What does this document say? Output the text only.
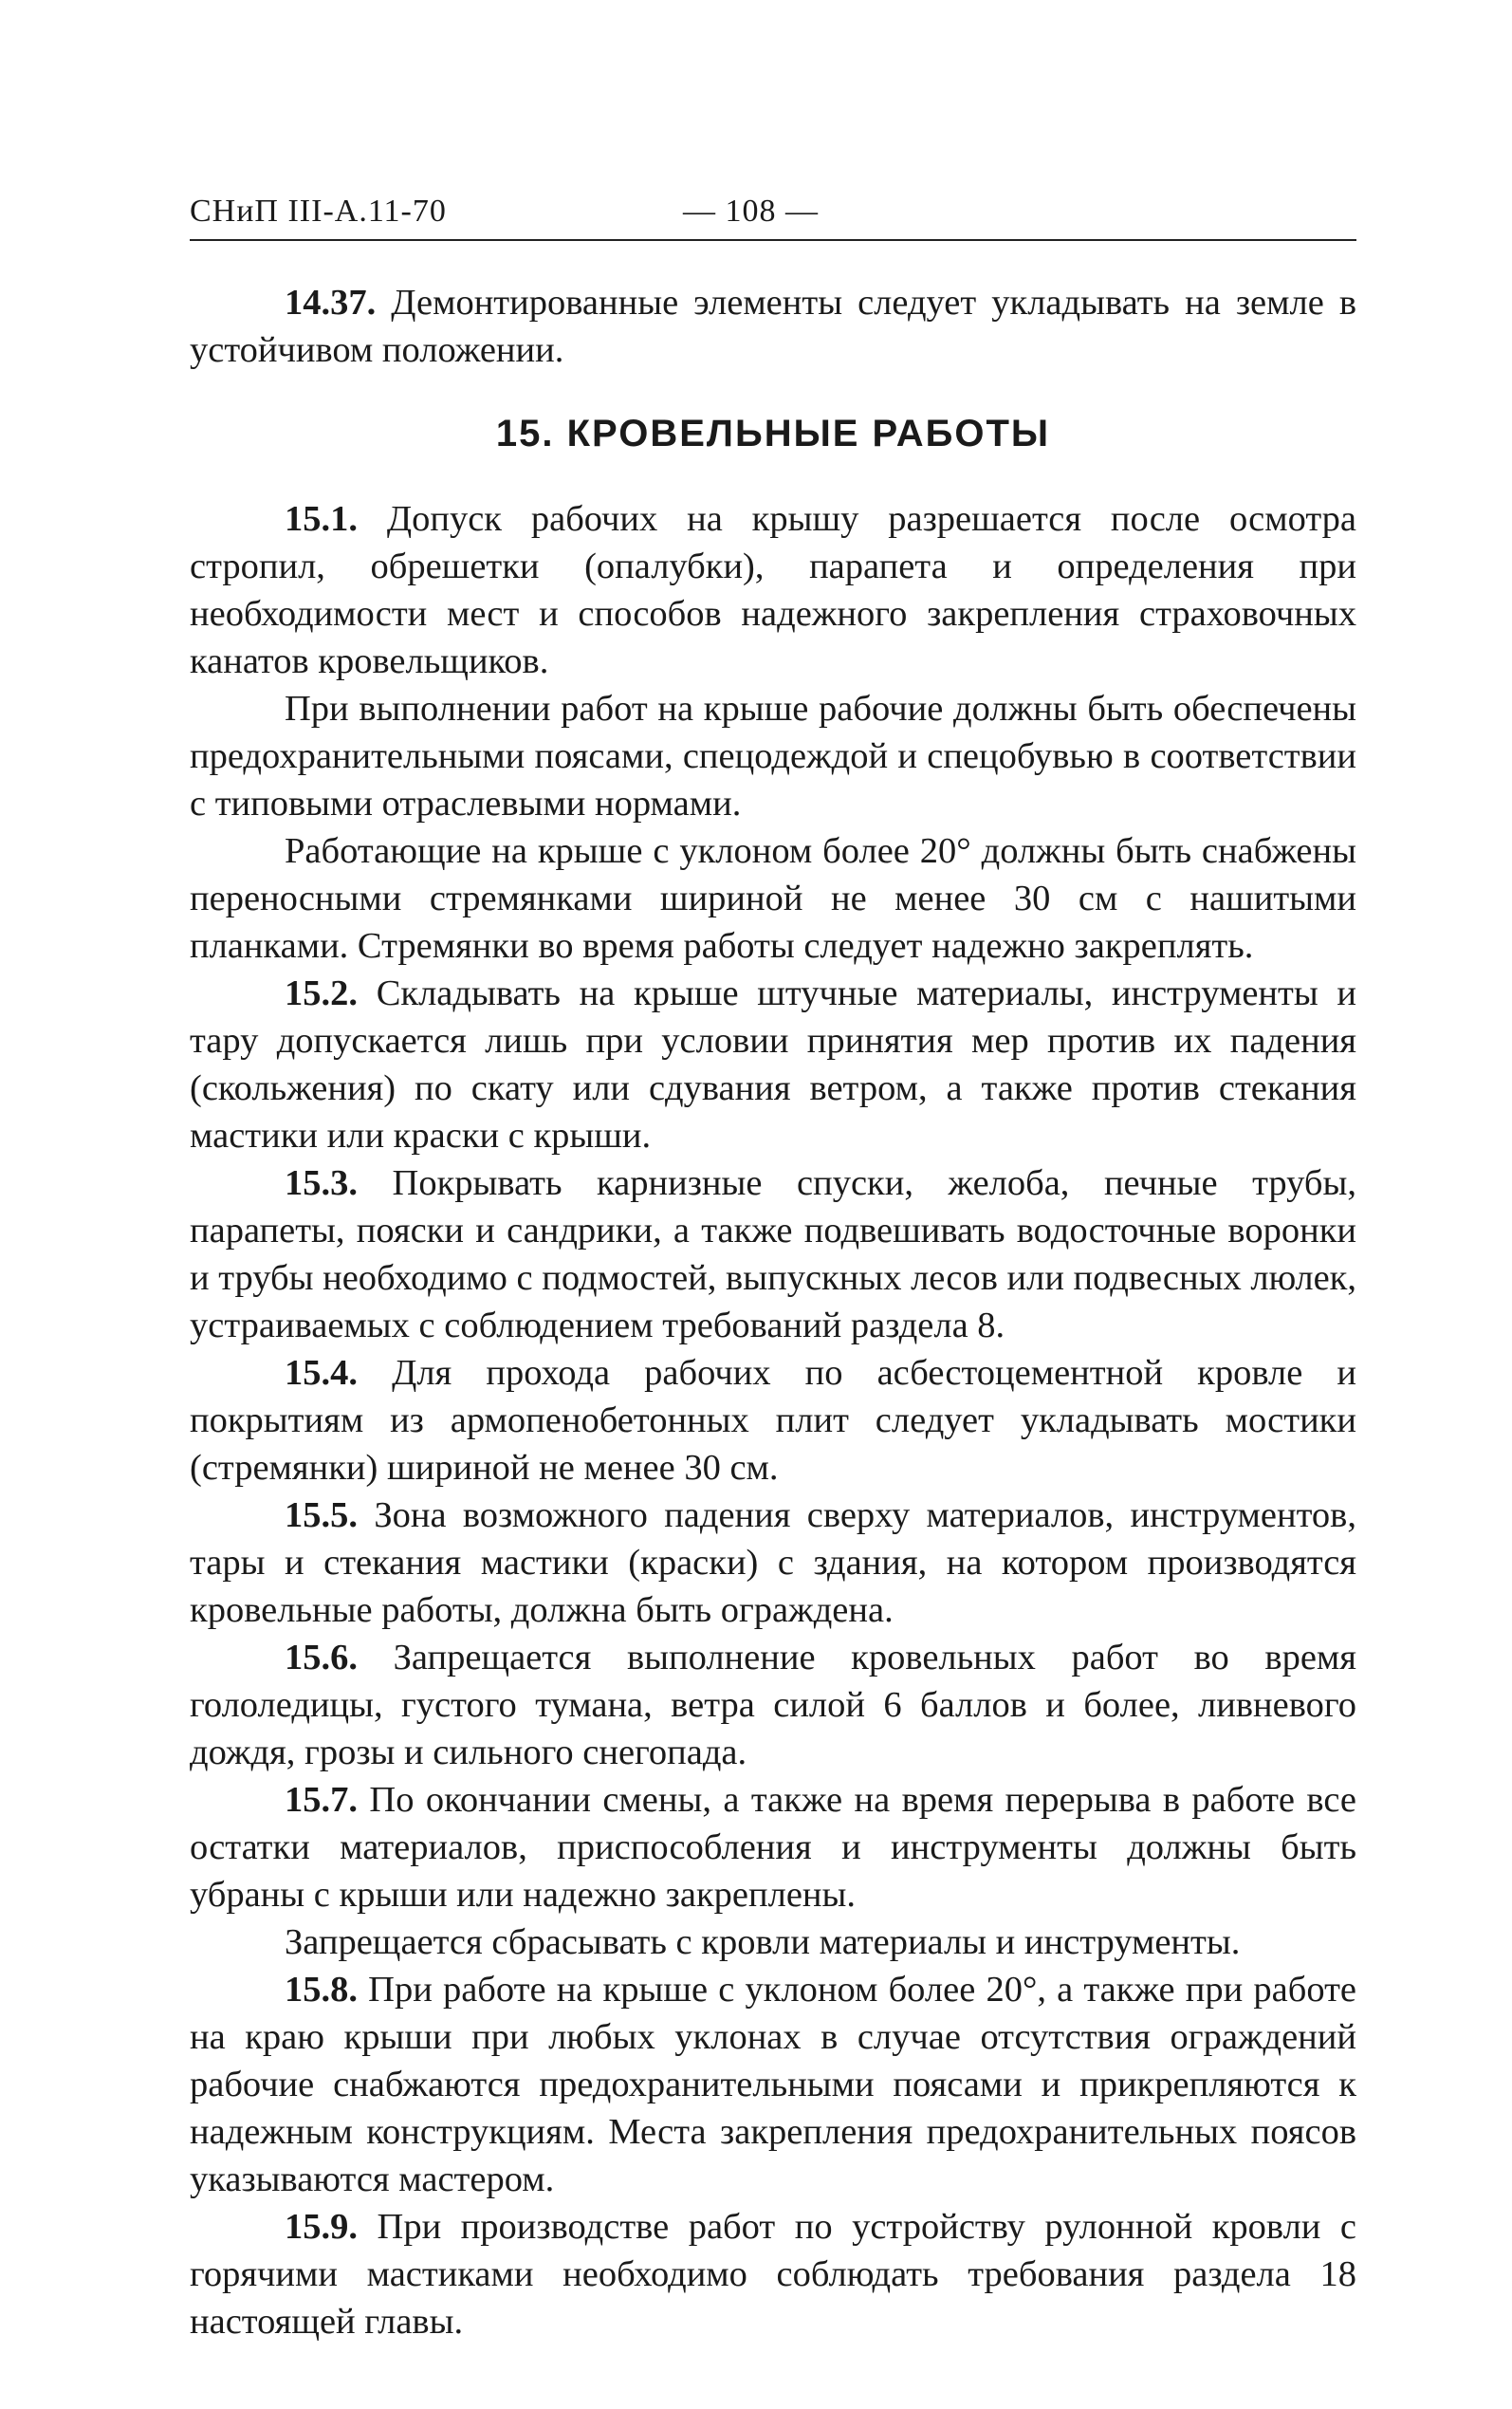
СНиП III-А.11-70	— 108 —

14.37. Демонтированные элементы следует укладывать на земле в устойчивом положении.

15. КРОВЕЛЬНЫЕ РАБОТЫ

15.1. Допуск рабочих на крышу разрешается после осмотра стропил, обрешетки (опалубки), парапета и определения при необходимости мест и способов надежного закрепления страховочных канатов кровельщиков.

При выполнении работ на крыше рабочие должны быть обеспечены предохранительными поясами, спецодеждой и спецобувью в соответствии с типовыми отраслевыми нормами.

Работающие на крыше с уклоном более 20° должны быть снабжены переносными стремянками шириной не менее 30 см с нашитыми планками. Стремянки во время работы следует надежно закреплять.

15.2. Складывать на крыше штучные материалы, инструменты и тару допускается лишь при условии принятия мер против их падения (скольжения) по скату или сдувания ветром, а также против стекания мастики или краски с крыши.

15.3. Покрывать карнизные спуски, желоба, печные трубы, парапеты, пояски и сандрики, а также подвешивать водосточные воронки и трубы необходимо с подмостей, выпускных лесов или подвесных люлек, устраиваемых с соблюдением требований раздела 8.

15.4. Для прохода рабочих по асбестоцементной кровле и покрытиям из армопенобетонных плит следует укладывать мостики (стремянки) шириной не менее 30 см.

15.5. Зона возможного падения сверху материалов, инструментов, тары и стекания мастики (краски) с здания, на котором производятся кровельные работы, должна быть ограждена.

15.6. Запрещается выполнение кровельных работ во время гололедицы, густого тумана, ветра силой 6 баллов и более, ливневого дождя, грозы и сильного снегопада.

15.7. По окончании смены, а также на время перерыва в работе все остатки материалов, приспособления и инструменты должны быть убраны с крыши или надежно закреплены.

Запрещается сбрасывать с кровли материалы и инструменты.

15.8. При работе на крыше с уклоном более 20°, а также при работе на краю крыши при любых уклонах в случае отсутствия ограждений рабочие снабжаются предохранительными поясами и прикрепляются к надежным конструкциям. Места закрепления предохранительных поясов указываются мастером.

15.9. При производстве работ по устройству рулонной кровли с горячими мастиками необходимо соблюдать требования раздела 18 настоящей главы.
